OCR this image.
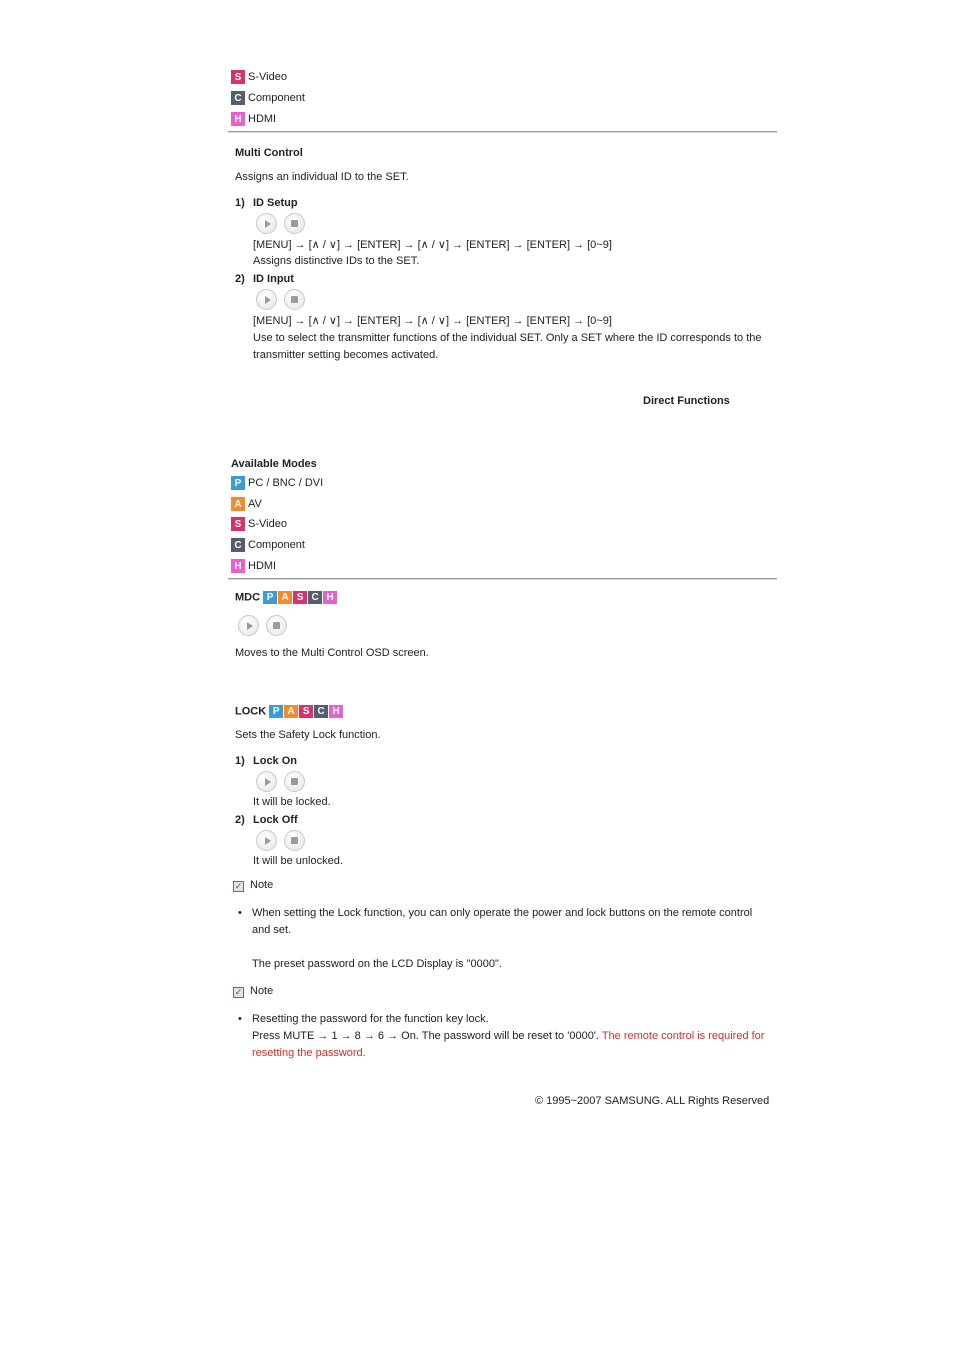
S S-Video
C Component
H HDMI
Multi Control
Assigns an individual ID to the SET.
1) ID Setup
[MENU] → [∧ / ∨] → [ENTER] → [∧ / ∨] → [ENTER] → [ENTER] → [0~9]
Assigns distinctive IDs to the SET.
2) ID Input
[MENU] → [∧ / ∨] → [ENTER] → [∧ / ∨] → [ENTER] → [ENTER] → [0~9]
Use to select the transmitter functions of the individual SET. Only a SET where the ID corresponds to the
transmitter setting becomes activated.
Direct Functions
Available Modes
P PC / BNC / DVI
A AV
S S-Video
C Component
H HDMI
MDC P A S C H
Moves to the Multi Control OSD screen.
LOCK P A S C H
Sets the Safety Lock function.
1) Lock On
It will be locked.
2) Lock Off
It will be unlocked.
✓ Note
• When setting the Lock function, you can only operate the power and lock buttons on the remote control
and set.
The preset password on the LCD Display is "0000".
✓ Note
• Resetting the password for the function key lock.
Press MUTE → 1 → 8 → 6 → On. The password will be reset to '0000'. The remote control is required for
resetting the password.
© 1995~2007 SAMSUNG. ALL Rights Reserved
